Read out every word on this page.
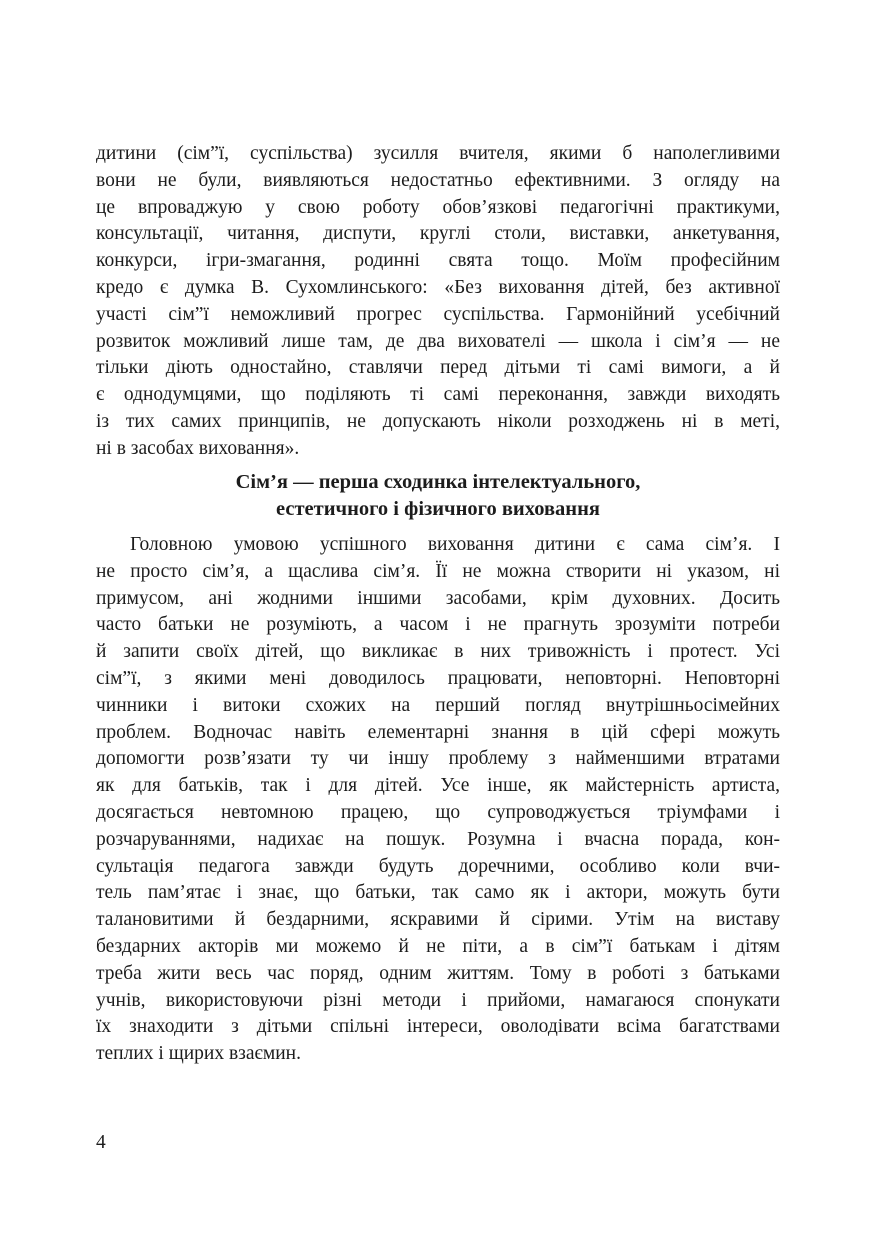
дитини (сім”ї, суспільства) зусилля вчителя, якими б наполегливими
вони не були, виявляються недостатньо ефективними. З огляду на
це впроваджую у свою роботу обов’язкові педагогічні практикуми,
консультації, читання, диспути, круглі столи, виставки, анкетування,
конкурси, ігри-змагання, родинні свята тощо. Моїм професійним
кредо є думка В. Сухомлинського: «Без виховання дітей, без активної
участі сім”ї неможливий прогрес суспільства. Гармонійний усебічний
розвиток можливий лише там, де два вихователі — школа і сім’я — не
тільки діють одностайно, ставлячи перед дітьми ті самі вимоги, а й
є однодумцями, що поділяють ті самі переконання, завжди виходять
із тих самих принципів, не допускають ніколи розходжень ні в меті,
ні в засобах виховання».
Сім’я — перша сходинка інтелектуального,
естетичного і фізичного виховання
Головною умовою успішного виховання дитини є сама сім’я. І
не просто сім’я, а щаслива сім’я. Її не можна створити ні указом, ні
примусом, ані жодними іншими засобами, крім духовних. Досить
часто батьки не розуміють, а часом і не прагнуть зрозуміти потреби
й запити своїх дітей, що викликає в них тривожність і протест. Усі
сім”ї, з якими мені доводилось працювати, неповторні. Неповторні
чинники і витоки схожих на перший погляд внутрішньосімейних
проблем. Водночас навіть елементарні знання в цій сфері можуть
допомогти розв’язати ту чи іншу проблему з найменшими втратами
як для батьків, так і для дітей. Усе інше, як майстерність артиста,
досягається невтомною працею, що супроводжується тріумфами і
розчаруваннями, надихає на пошук. Розумна і вчасна порада, кон-
сультація педагога завжди будуть доречними, особливо коли вчи-
тель пам’ятає і знає, що батьки, так само як і актори, можуть бути
талановитими й бездарними, яскравими й сірими. Утім на виставу
бездарних акторів ми можемо й не піти, а в сім”ї батькам і дітям
треба жити весь час поряд, одним життям. Тому в роботі з батьками
учнів, використовуючи різні методи і прийоми, намагаюся спонукати
їх знаходити з дітьми спільні інтереси, оволодівати всіма багатствами
теплих і щирих взаємин.
4
